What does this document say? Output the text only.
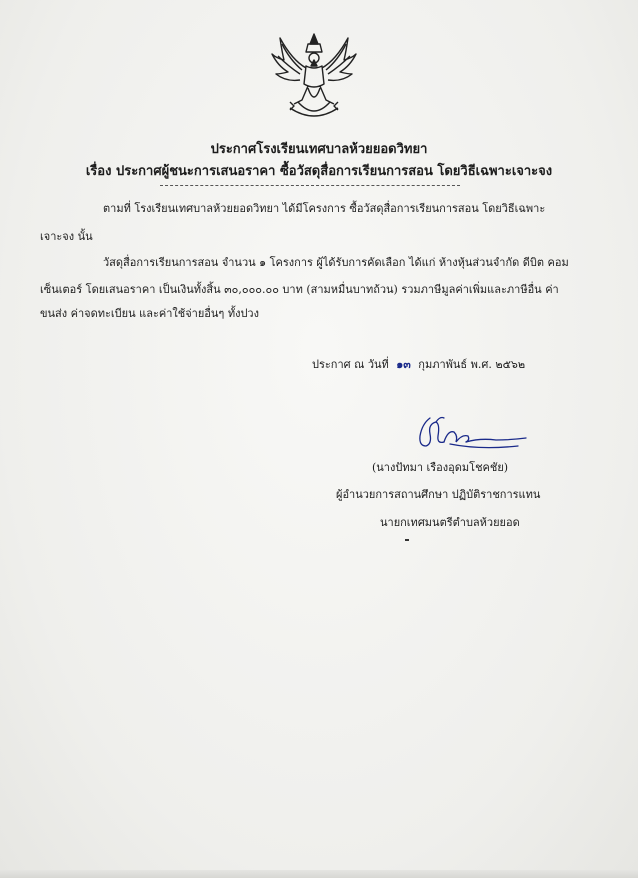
ประกาศโรงเรียนเทศบาลห้วยยอดวิทยา
เรื่อง ประกาศผู้ชนะการเสนอราคา ซื้อวัสดุสื่อการเรียนการสอน โดยวิธีเฉพาะเจาะจง
ตามที่ โรงเรียนเทศบาลห้วยยอดวิทยา ได้มีโครงการ ซื้อวัสดุสื่อการเรียนการสอน โดยวิธีเฉพาะ
เจาะจง นั้น
วัสดุสื่อการเรียนการสอน จำนวน ๑ โครงการ ผู้ได้รับการคัดเลือก ได้แก่ ห้างหุ้นส่วนจำกัด ดีบิต คอม
เซ็นเตอร์ โดยเสนอราคา เป็นเงินทั้งสิ้น ๓๐,๐๐๐.๐๐ บาท (สามหมื่นบาทถ้วน) รวมภาษีมูลค่าเพิ่มและภาษีอื่น ค่า
ขนส่ง ค่าจดทะเบียน และค่าใช้จ่ายอื่นๆ ทั้งปวง
ประกาศ ณ วันที่ ๑๓ กุมภาพันธ์ พ.ศ. ๒๕๖๒
(นางปัทมา เรืองอุดมโชคชัย)
ผู้อำนวยการสถานศึกษา ปฏิบัติราชการแทน
นายกเทศมนตรีตำบลห้วยยอด
